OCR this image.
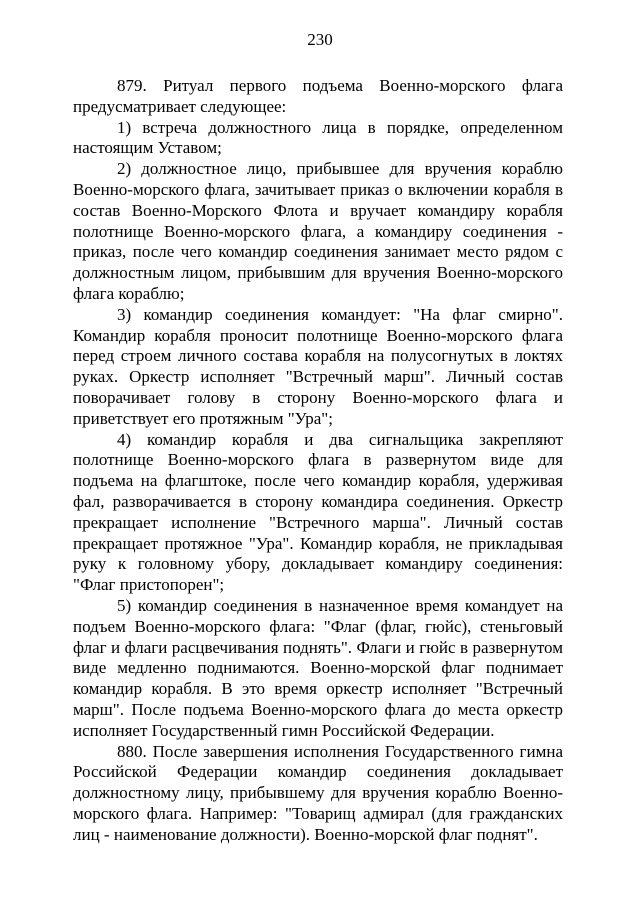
230

879. Ритуал первого подъема Военно-морского флага предусматривает следующее:

1) встреча должностного лица в порядке, определенном настоящим Уставом;

2) должностное лицо, прибывшее для вручения кораблю Военно-морского флага, зачитывает приказ о включении корабля в состав Военно-Морского Флота и вручает командиру корабля полотнище Военно-морского флага, а командиру соединения - приказ, после чего командир соединения занимает место рядом с должностным лицом, прибывшим для вручения Военно-морского флага кораблю;

3) командир соединения командует: "На флаг смирно". Командир корабля проносит полотнище Военно-морского флага перед строем личного состава корабля на полусогнутых в локтях руках. Оркестр исполняет "Встречный марш". Личный состав поворачивает голову в сторону Военно-морского флага и приветствует его протяжным "Ура";

4) командир корабля и два сигнальщика закрепляют полотнище Военно-морского флага в развернутом виде для подъема на флагштоке, после чего командир корабля, удерживая фал, разворачивается в сторону командира соединения. Оркестр прекращает исполнение "Встречного марша". Личный состав прекращает протяжное "Ура". Командир корабля, не прикладывая руку к головному убору, докладывает командиру соединения: "Флаг пристопорен";

5) командир соединения в назначенное время командует на подъем Военно-морского флага: "Флаг (флаг, гюйс), стеньговый флаг и флаги расцвечивания поднять". Флаги и гюйс в развернутом виде медленно поднимаются. Военно-морской флаг поднимает командир корабля. В это время оркестр исполняет "Встречный марш". После подъема Военно-морского флага до места оркестр исполняет Государственный гимн Российской Федерации.

880. После завершения исполнения Государственного гимна Российской Федерации командир соединения докладывает должностному лицу, прибывшему для вручения кораблю Военно-морского флага. Например: "Товарищ адмирал (для гражданских лиц - наименование должности). Военно-морской флаг поднят".
